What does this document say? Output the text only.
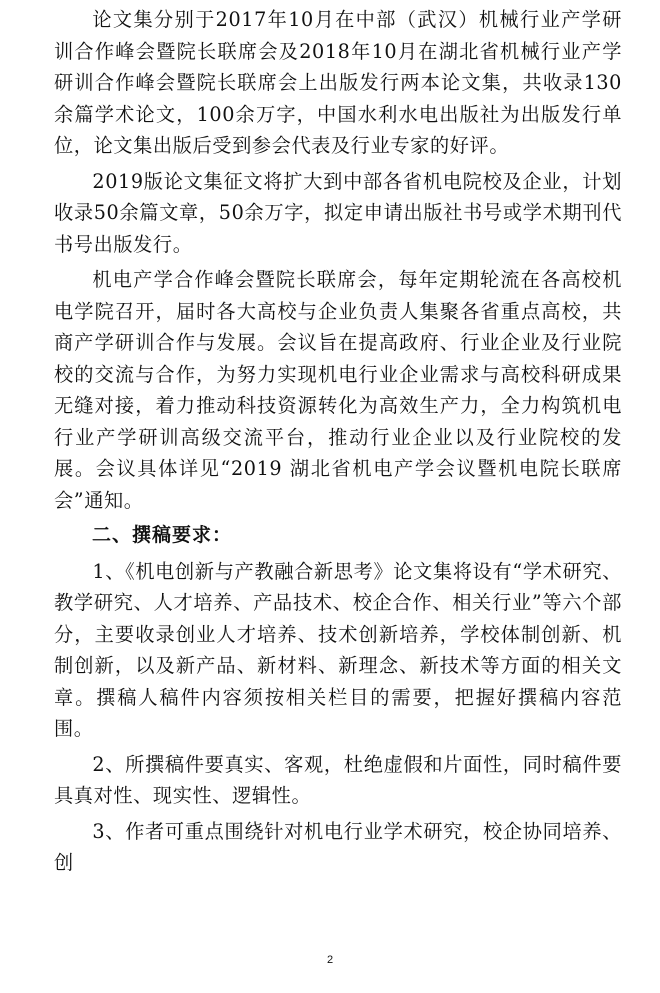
论文集分别于2017年10月在中部（武汉）机械行业产学研训合作峰会暨院长联席会及2018年10月在湖北省机械行业产学研训合作峰会暨院长联席会上出版发行两本论文集，共收录130余篇学术论文，100余万字，中国水利水电出版社为出版发行单位，论文集出版后受到参会代表及行业专家的好评。

2019版论文集征文将扩大到中部各省机电院校及企业，计划收录50余篇文章，50余万字，拟定申请出版社书号或学术期刊代书号出版发行。

机电产学合作峰会暨院长联席会，每年定期轮流在各高校机电学院召开，届时各大高校与企业负责人集聚各省重点高校，共商产学研训合作与发展。会议旨在提高政府、行业企业及行业院校的交流与合作，为努力实现机电行业企业需求与高校科研成果无缝对接，着力推动科技资源转化为高效生产力，全力构筑机电行业产学研训高级交流平台，推动行业企业以及行业院校的发展。会议具体详见“2019 湖北省机电产学会议暨机电院长联席会”通知。

二、撰稿要求：

1、《机电创新与产教融合新思考》论文集将设有“学术研究、教学研究、人才培养、产品技术、校企合作、相关行业”等六个部分，主要收录创业人才培养、技术创新培养，学校体制创新、机制创新，以及新产品、新材料、新理念、新技术等方面的相关文章。撰稿人稿件内容须按相关栏目的需要，把握好撰稿内容范围。

2、所撰稿件要真实、客观，杜绝虚假和片面性，同时稿件要具真对性、现实性、逻辑性。

3、作者可重点围绕针对机电行业学术研究，校企协同培养、创

2
